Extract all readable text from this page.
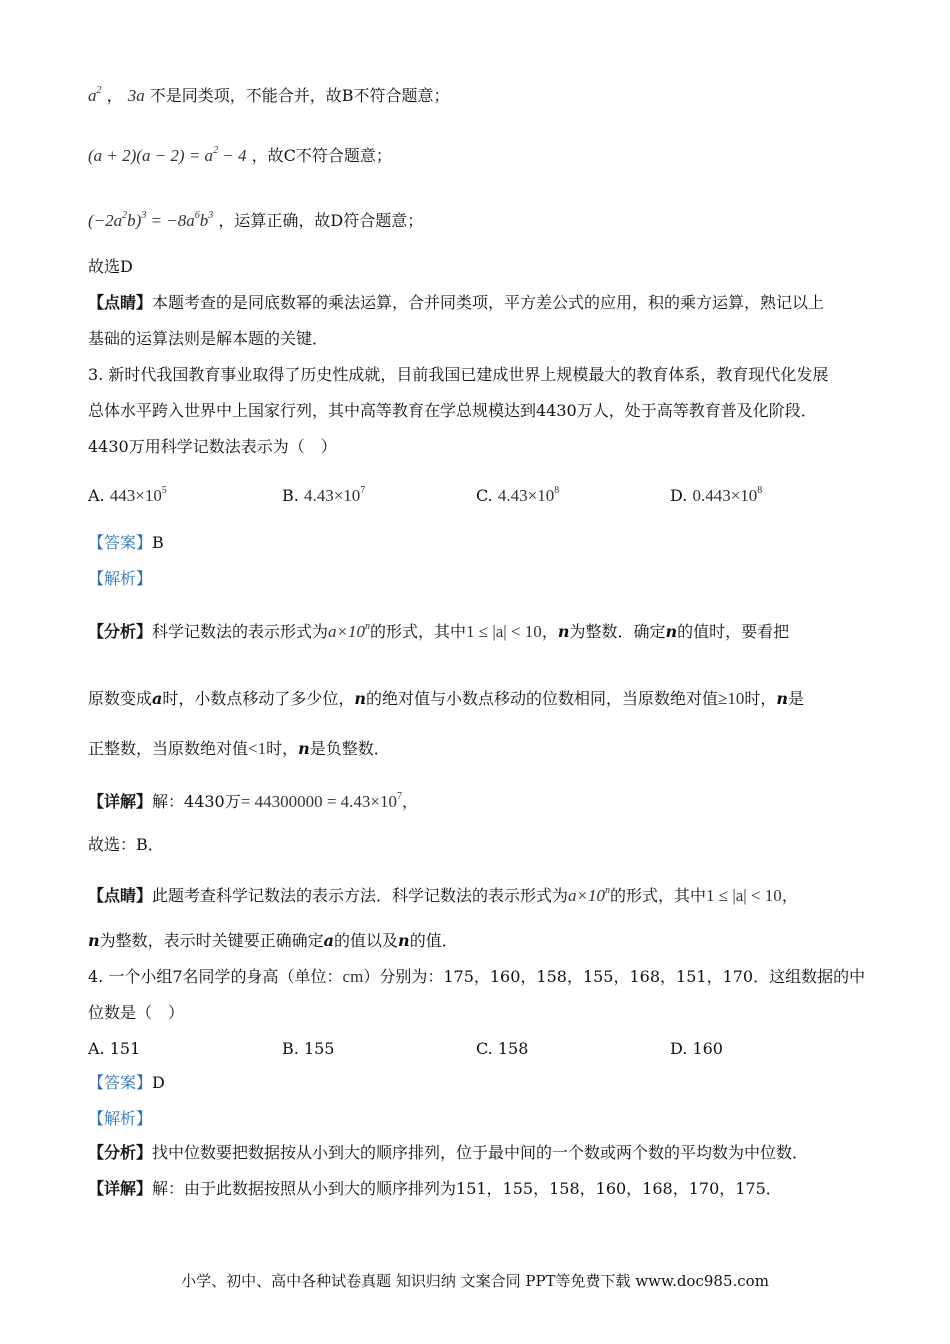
$a^2$ ， 3a 不是同类项，不能合并，故B不符合题意；
$(a + 2)(a - 2) = a^2 - 4$ ，故C不符合题意；
$(-2a^2b)^3 = -8a^6b^3$ ，运算正确，故D符合题意；
故选D
【点睛】本题考查的是同底数幂的乘法运算，合并同类项，平方差公式的应用，积的乘方运算，熟记以上
基础的运算法则是解本题的关键．
3. 新时代我国教育事业取得了历史性成就，目前我国已建成世界上规模最大的教育体系，教育现代化发展
总体水平跨入世界中上国家行列，其中高等教育在学总规模达到4430万人，处于高等教育普及化阶段．
4430万用科学记数法表示为（　）
A. $443\times 10^5$	B. $4.43\times 10^7$	C. $4.43\times 10^8$	D. $0.443\times 10^8$
【答案】B
【解析】
【分析】科学记数法的表示形式为$a\times 10^n$的形式，其中1 ≤ |a| < 10，n为整数．确定n的值时，要看把
原数变成a时，小数点移动了多少位，n的绝对值与小数点移动的位数相同，当原数绝对值≥10时，n是
正整数，当原数绝对值<1时，n是负整数．
【详解】解：4430万= $44300000 = 4.43\times 10^7$，
故选：B．
【点睛】此题考查科学记数法的表示方法．科学记数法的表示形式为$a\times 10^n$的形式，其中1 ≤ |a| < 10，
n为整数，表示时关键要正确确定a的值以及n的值．
4. 一个小组7名同学的身高（单位：cm）分别为：175，160，158，155，168，151，170．这组数据的中
位数是（　）
A. 151	B. 155	C. 158	D. 160
【答案】D
【解析】
【分析】找中位数要把数据按从小到大的顺序排列，位于最中间的一个数或两个数的平均数为中位数．
【详解】解：由于此数据按照从小到大的顺序排列为151，155，158，160，168，170，175．
小学、初中、高中各种试卷真题 知识归纳 文案合同 PPT等免费下载 www.doc985.com
